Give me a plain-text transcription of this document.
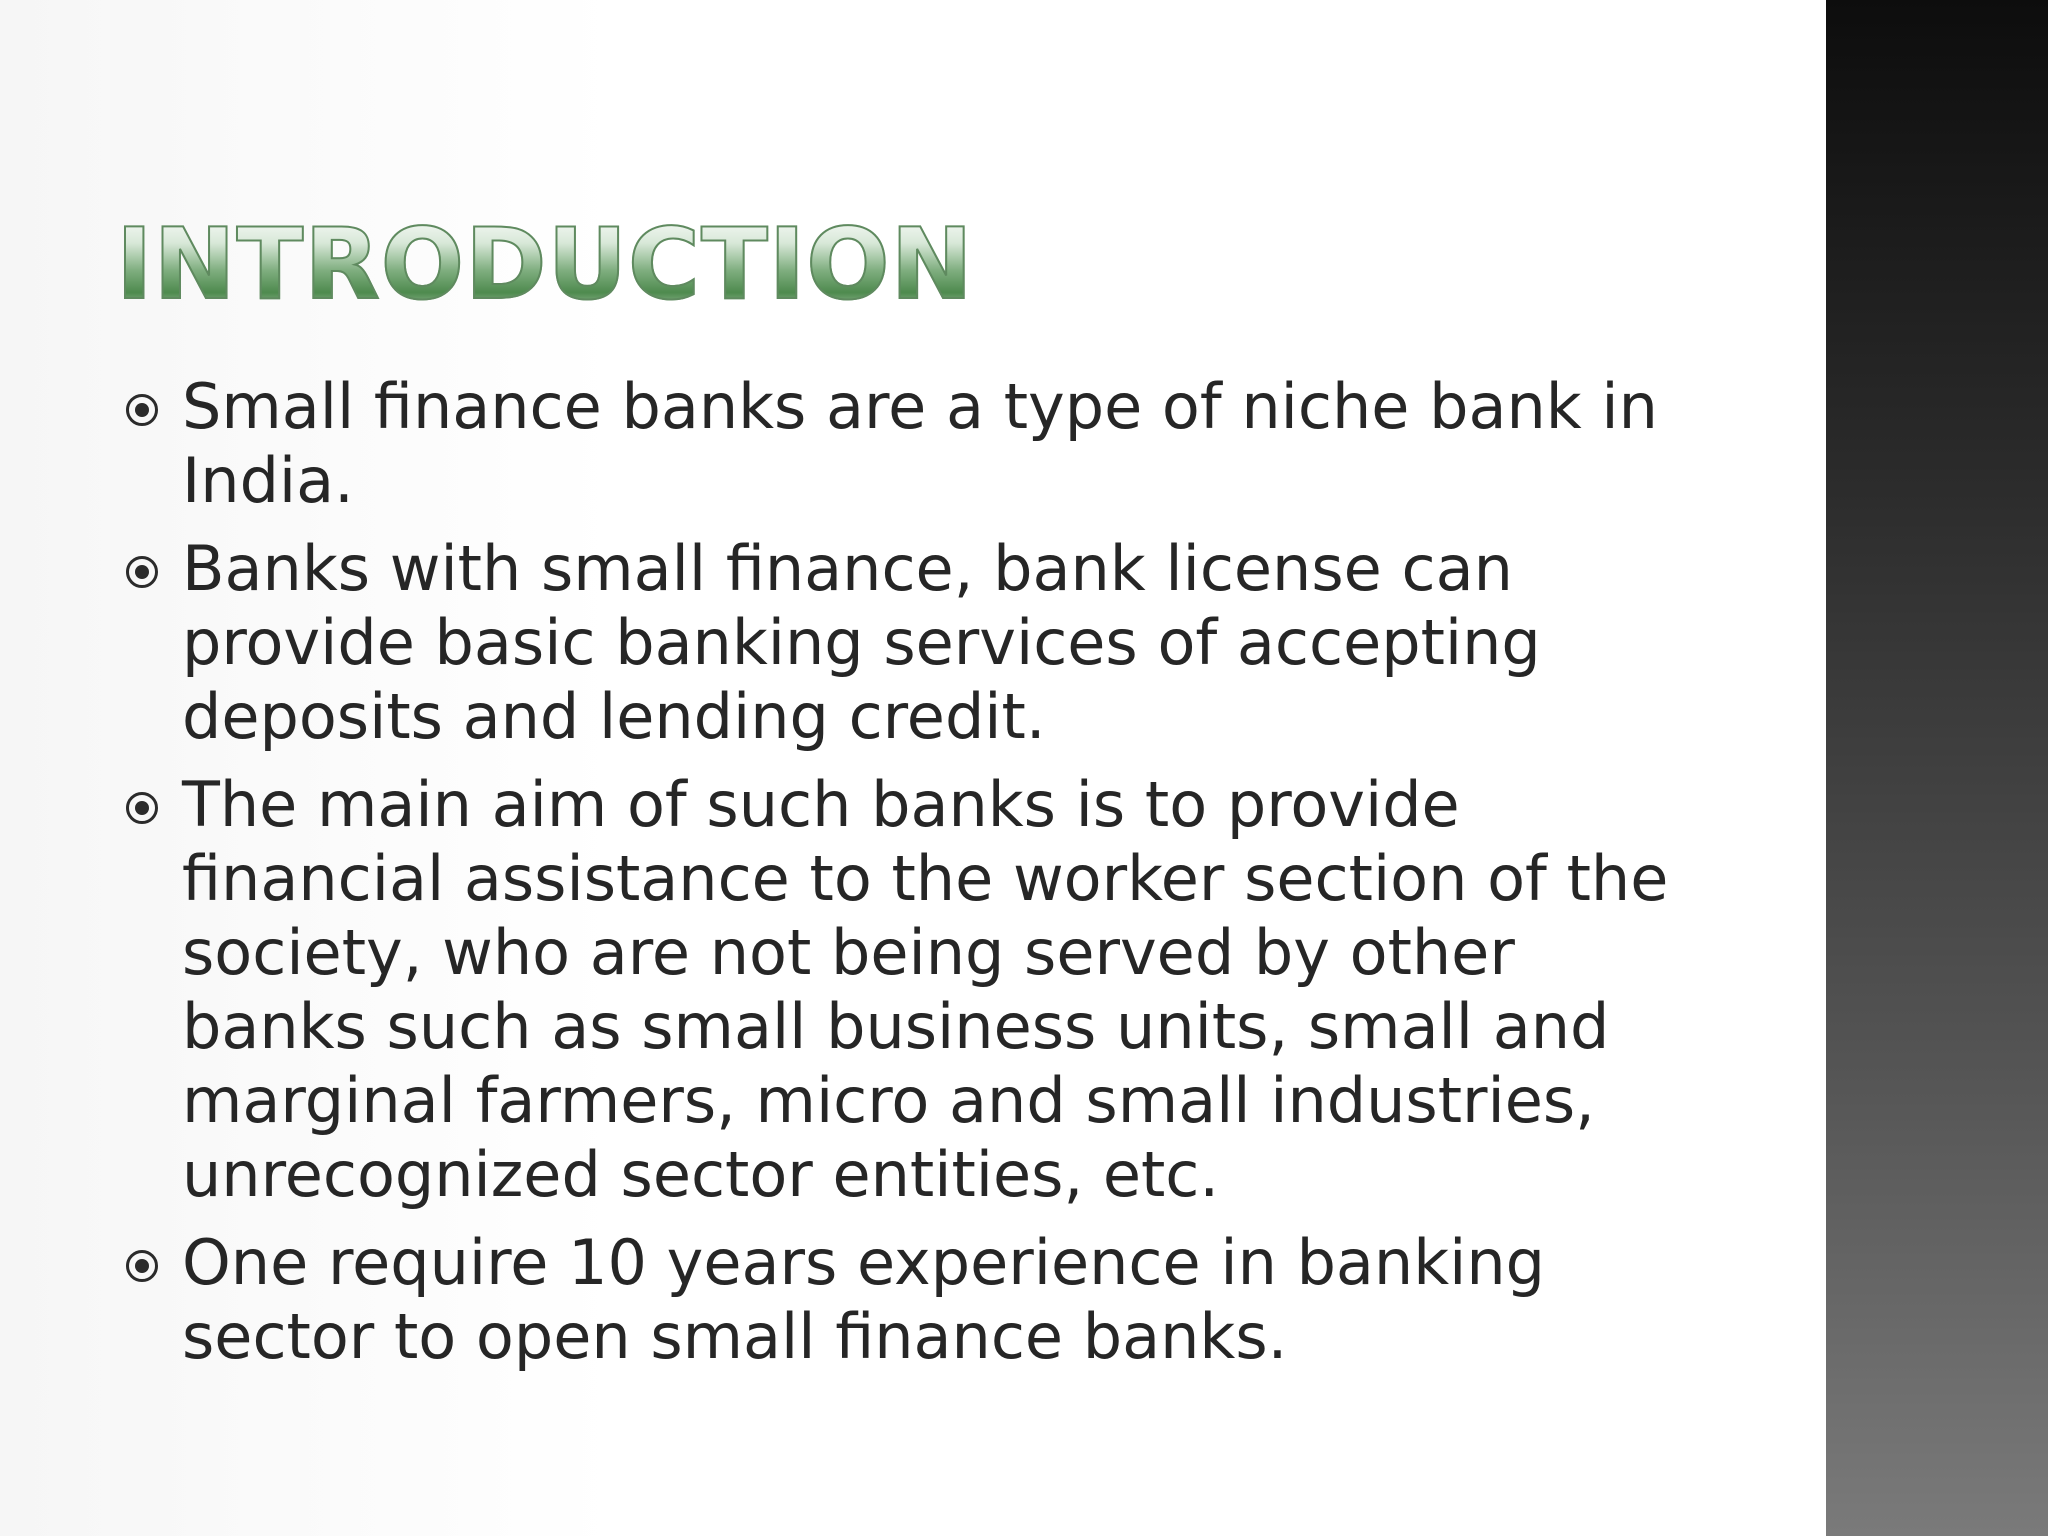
INTRODUCTION
Small finance banks are a type of niche bank in India.
Banks with small finance, bank license can provide basic banking services of accepting deposits and lending credit.
The main aim of such banks is to provide financial assistance to the worker section of the society, who are not being served by other banks such as small business units, small and marginal farmers, micro and small industries, unrecognized sector entities, etc.
One require 10 years experience in banking sector to open small finance banks.
